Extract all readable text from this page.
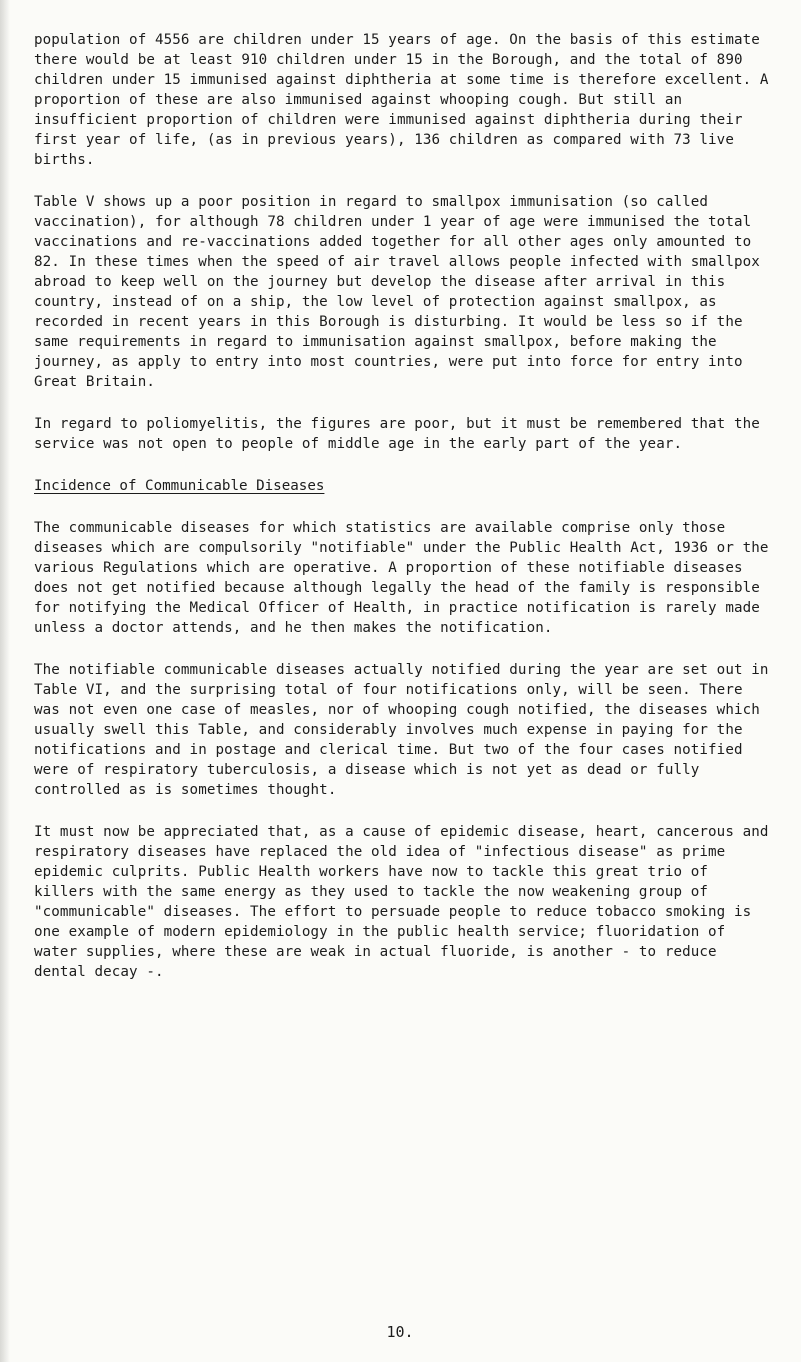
population of 4556 are children under 15 years of age. On the basis of this estimate there would be at least 910 children under 15 in the Borough, and the total of 890 children under 15 immunised against diphtheria at some time is therefore excellent. A proportion of these are also immunised against whooping cough. But still an insufficient proportion of children were immunised against diphtheria during their first year of life, (as in previous years), 136 children as compared with 73 live births.

Table V shows up a poor position in regard to smallpox immunisation (so called vaccination), for although 78 children under 1 year of age were immunised the total vaccinations and re-vaccinations added together for all other ages only amounted to 82. In these times when the speed of air travel allows people infected with smallpox abroad to keep well on the journey but develop the disease after arrival in this country, instead of on a ship, the low level of protection against smallpox, as recorded in recent years in this Borough is disturbing. It would be less so if the same requirements in regard to immunisation against smallpox, before making the journey, as apply to entry into most countries, were put into force for entry into Great Britain.

In regard to poliomyelitis, the figures are poor, but it must be remembered that the service was not open to people of middle age in the early part of the year.

Incidence of Communicable Diseases

The communicable diseases for which statistics are available comprise only those diseases which are compulsorily "notifiable" under the Public Health Act, 1936 or the various Regulations which are operative. A proportion of these notifiable diseases does not get notified because although legally the head of the family is responsible for notifying the Medical Officer of Health, in practice notification is rarely made unless a doctor attends, and he then makes the notification.

The notifiable communicable diseases actually notified during the year are set out in Table VI, and the surprising total of four notifications only, will be seen. There was not even one case of measles, nor of whooping cough notified, the diseases which usually swell this Table, and considerably involves much expense in paying for the notifications and in postage and clerical time. But two of the four cases notified were of respiratory tuberculosis, a disease which is not yet as dead or fully controlled as is sometimes thought.

It must now be appreciated that, as a cause of epidemic disease, heart, cancerous and respiratory diseases have replaced the old idea of "infectious disease" as prime epidemic culprits. Public Health workers have now to tackle this great trio of killers with the same energy as they used to tackle the now weakening group of "communicable" diseases. The effort to persuade people to reduce tobacco smoking is one example of modern epidemiology in the public health service; fluoridation of water supplies, where these are weak in actual fluoride, is another - to reduce dental decay -.

10.
